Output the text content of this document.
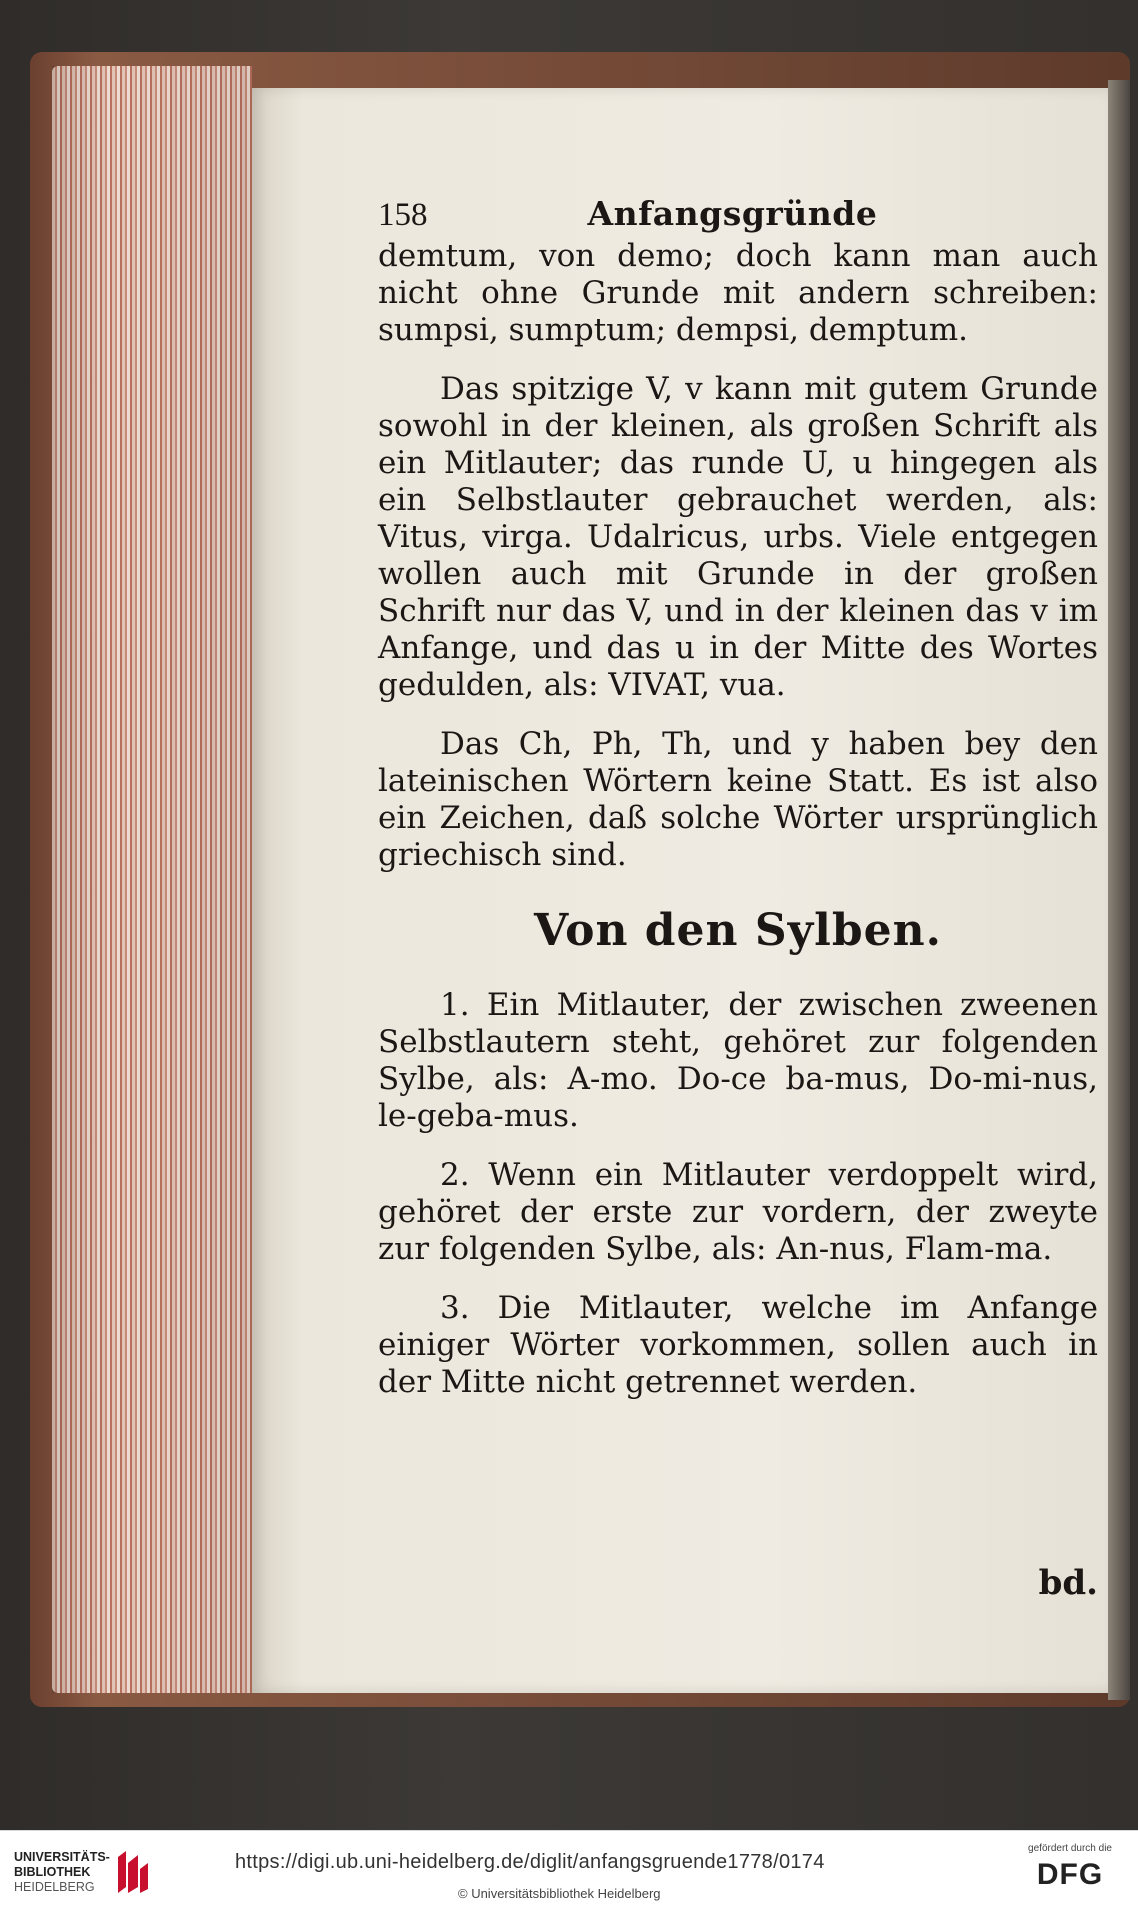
158	Anfangsgründe

demtum, von demo; doch kann man auch nicht ohne Grunde mit andern schreiben: sumpsi, sumptum; dempsi, demptum.

Das spitzige V, v kann mit gutem Grunde sowohl in der kleinen, als großen Schrift als ein Mitlauter; das runde U, u hingegen als ein Selbstlauter gebrauchet werden, als: Vitus, virga. Udalricus, urbs. Viele entgegen wollen auch mit Grunde in der großen Schrift nur das V, und in der kleinen das v im Anfange, und das u in der Mitte des Wortes gedulden, als: VIVAT, vua.

Das Ch, Ph, Th, und y haben bey den lateinischen Wörtern keine Statt. Es ist also ein Zeichen, daß solche Wörter ursprünglich griechisch sind.

Von den Sylben.

1. Ein Mitlauter, der zwischen zweenen Selbstlautern steht, gehöret zur folgenden Sylbe, als: A-mo. Do-ce ba-mus, Do-mi-nus, le-geba-mus.

2. Wenn ein Mitlauter verdoppelt wird, gehöret der erste zur vordern, der zweyte zur folgenden Sylbe, als: An-nus, Flam-ma.

3. Die Mitlauter, welche im Anfange einiger Wörter vorkommen, sollen auch in der Mitte nicht getrennet werden.

bd.
UNIVERSITÄTS-
BIBLIOTHEK
HEIDELBERG
https://digi.ub.uni-heidelberg.de/diglit/anfangsgruende1778/0174
© Universitätsbibliothek Heidelberg
gefördert durch die
DFG
